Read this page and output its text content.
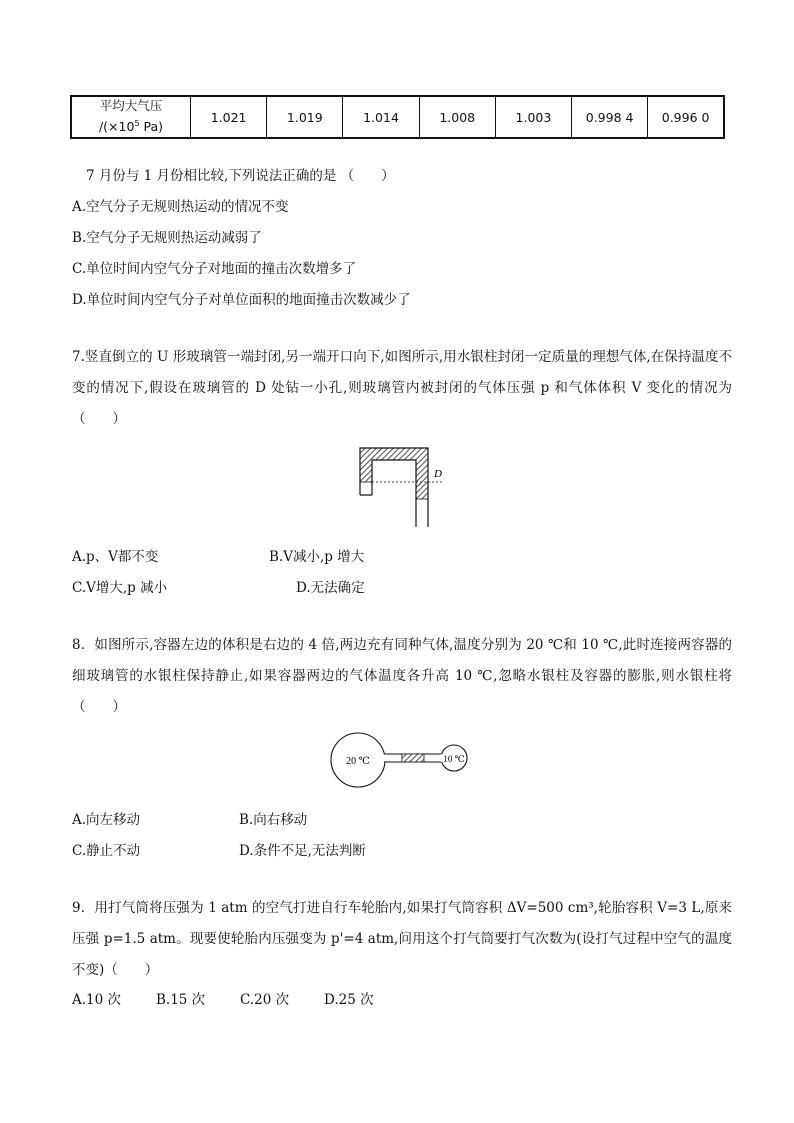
平均大气压
$/(\times 10^5$ Pa)
	1.021	1.019	1.014	1.008	1.003	0.998 4	0.996 0
7 月份与 1 月份相比较,下列说法正确的是 （　　）
A.空气分子无规则热运动的情况不变
B.空气分子无规则热运动减弱了
C.单位时间内空气分子对地面的撞击次数增多了
D.单位时间内空气分子对单位面积的地面撞击次数减少了
7.竖直倒立的 U 形玻璃管一端封闭,另一端开口向下,如图所示,用水银柱封闭一定质量的理想气体,在保持温度不变的情况下,假设在玻璃管的 D 处钻一小孔,则玻璃管内被封闭的气体压强 p 和气体体积 V 变化的情况为　　（　　）
D
A.p、V都不变	B.V减小,p 增大
C.V增大,p 减小	D.无法确定
8．如图所示,容器左边的体积是右边的 4 倍,两边充有同种气体,温度分别为 20 ℃和 10 ℃,此时连接两容器的细玻璃管的水银柱保持静止,如果容器两边的气体温度各升高 10 ℃,忽略水银柱及容器的膨胀,则水银柱将　（　　）
20 ℃	10 ℃
A.向左移动	B.向右移动
C.静止不动	D.条件不足,无法判断
9．用打气筒将压强为 1 atm 的空气打进自行车轮胎内,如果打气筒容积 ΔV=500 cm³,轮胎容积 V=3 L,原来压强 p=1.5 atm。现要使轮胎内压强变为 p'=4 atm,问用这个打气筒要打气次数为(设打气过程中空气的温度不变)（　　）
A.10 次	B.15 次	C.20 次	D.25 次
